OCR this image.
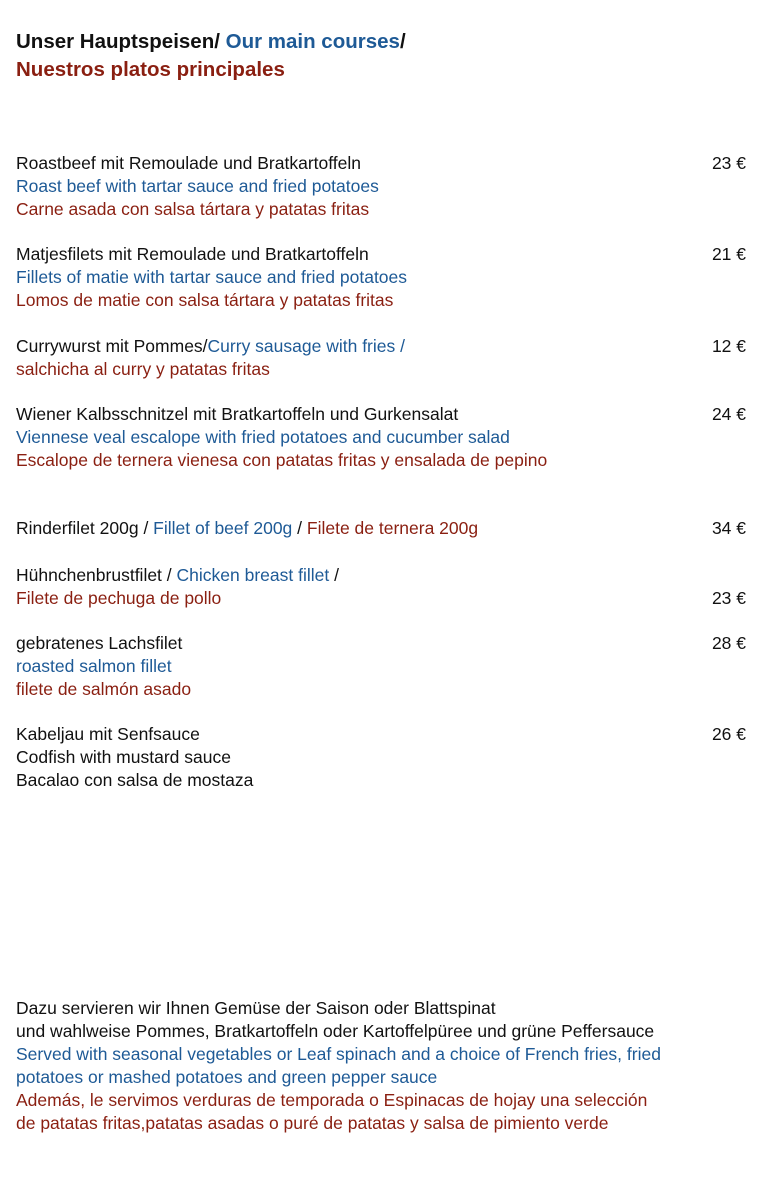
Unser Hauptspeisen/ Our main courses/
Nuestros platos principales
23 €
Roastbeef mit Remoulade und Bratkartoffeln
Roast beef with tartar sauce and fried potatoes
Carne asada con salsa tártara y patatas fritas
21 €
Matjesfilets mit Remoulade und Bratkartoffeln
Fillets of matie with tartar sauce and fried potatoes
Lomos de matie con salsa tártara y patatas fritas
12 €
Currywurst mit Pommes/Curry sausage with fries /
salchicha al curry y patatas fritas
24 €
Wiener Kalbsschnitzel mit Bratkartoffeln und Gurkensalat
Viennese veal escalope with fried potatoes and cucumber salad
Escalope de ternera vienesa con patatas fritas y ensalada de pepino
34 €
Rinderfilet 200g / Fillet of beef 200g / Filete de ternera 200g
23 €
Hühnchenbrustfilet / Chicken breast fillet /
Filete de pechuga de pollo
28 €
gebratenes Lachsfilet
roasted salmon fillet
filete de salmón asado
26 €
Kabeljau mit Senfsauce
Codfish with mustard sauce
Bacalao con salsa de mostaza
Dazu servieren wir Ihnen Gemüse der Saison oder Blattspinat
und wahlweise Pommes, Bratkartoffeln oder Kartoffelpüree und grüne Peffersauce
Served with seasonal vegetables or Leaf spinach and a choice of French fries, fried
potatoes or mashed potatoes and green pepper sauce
Además, le servimos verduras de temporada o Espinacas de hojay una selección
de patatas fritas,patatas asadas o puré de patatas y salsa de pimiento verde
